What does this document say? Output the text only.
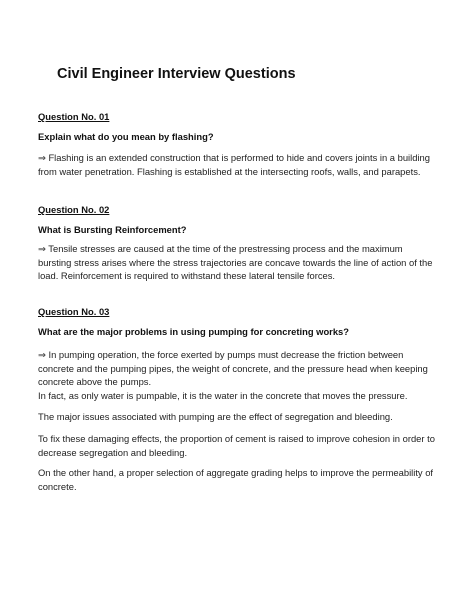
Civil Engineer Interview Questions
Question No. 01
Explain what do you mean by flashing?
⇒ Flashing is an extended construction that is performed to hide and covers joints in a building
from water penetration. Flashing is established at the intersecting roofs, walls, and parapets.
Question No. 02
What is Bursting Reinforcement?
⇒ Tensile stresses are caused at the time of the prestressing process and the maximum
bursting stress arises where the stress trajectories are concave towards the line of action of the
load. Reinforcement is required to withstand these lateral tensile forces.
Question No. 03
What are the major problems in using pumping for concreting works?
⇒ In pumping operation, the force exerted by pumps must decrease the friction between
concrete and the pumping pipes, the weight of concrete, and the pressure head when keeping
concrete above the pumps.
In fact, as only water is pumpable, it is the water in the concrete that moves the pressure.
The major issues associated with pumping are the effect of segregation and bleeding.
To fix these damaging effects, the proportion of cement is raised to improve cohesion in order to
decrease segregation and bleeding.
On the other hand, a proper selection of aggregate grading helps to improve the permeability of
concrete.
